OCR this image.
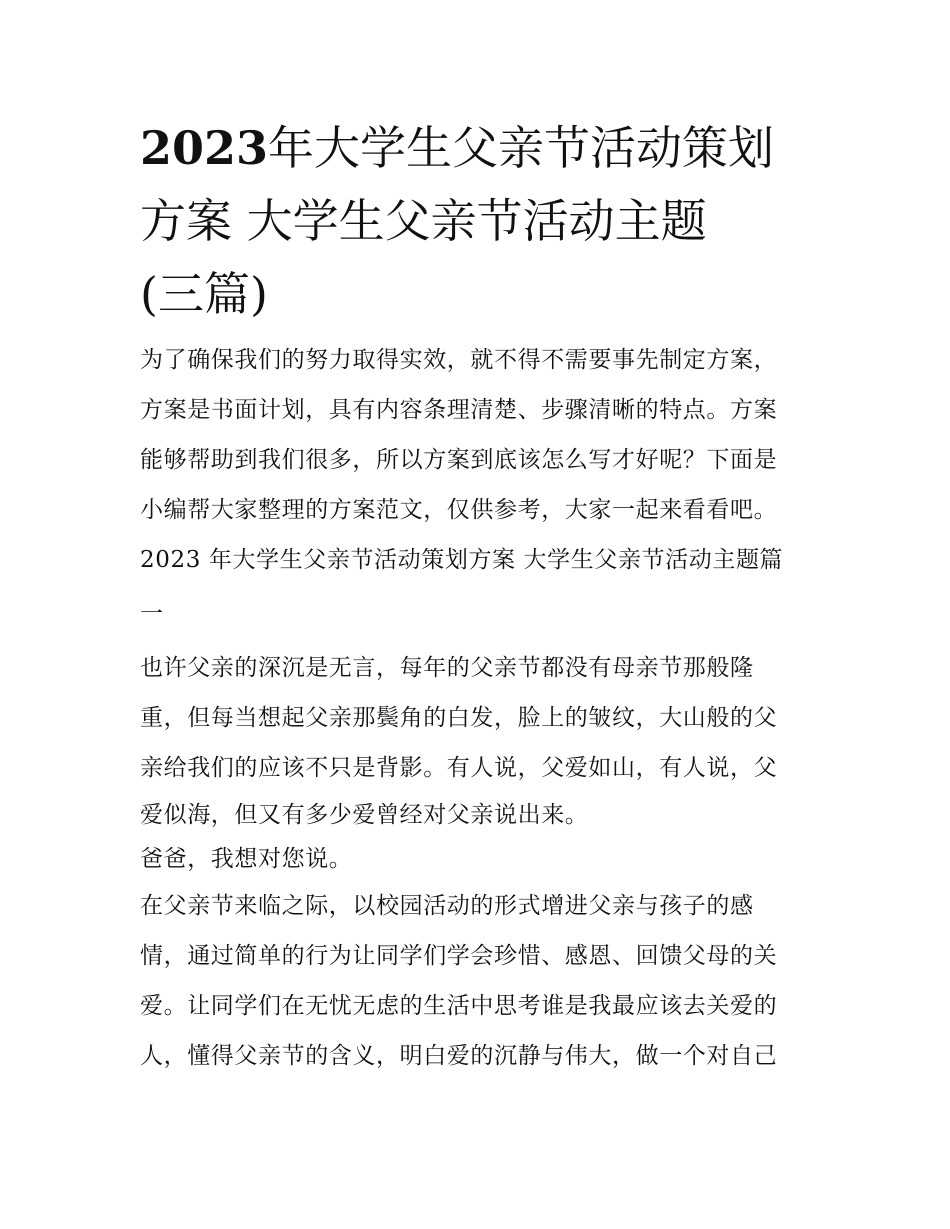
2023年大学生父亲节活动策划
方案 大学生父亲节活动主题
(三篇)
为了确保我们的努力取得实效，就不得不需要事先制定方案，
方案是书面计划，具有内容条理清楚、步骤清晰的特点。方案
能够帮助到我们很多，所以方案到底该怎么写才好呢？下面是
小编帮大家整理的方案范文，仅供参考，大家一起来看看吧。
2023 年大学生父亲节活动策划方案 大学生父亲节活动主题篇
一
也许父亲的深沉是无言，每年的父亲节都没有母亲节那般隆
重，但每当想起父亲那鬓角的白发，脸上的皱纹，大山般的父
亲给我们的应该不只是背影。有人说，父爱如山，有人说，父
爱似海，但又有多少爱曾经对父亲说出来。
爸爸，我想对您说。
在父亲节来临之际，以校园活动的形式增进父亲与孩子的感
情，通过简单的行为让同学们学会珍惜、感恩、回馈父母的关
爱。让同学们在无忧无虑的生活中思考谁是我最应该去关爱的
人，懂得父亲节的含义，明白爱的沉静与伟大，做一个对自己
